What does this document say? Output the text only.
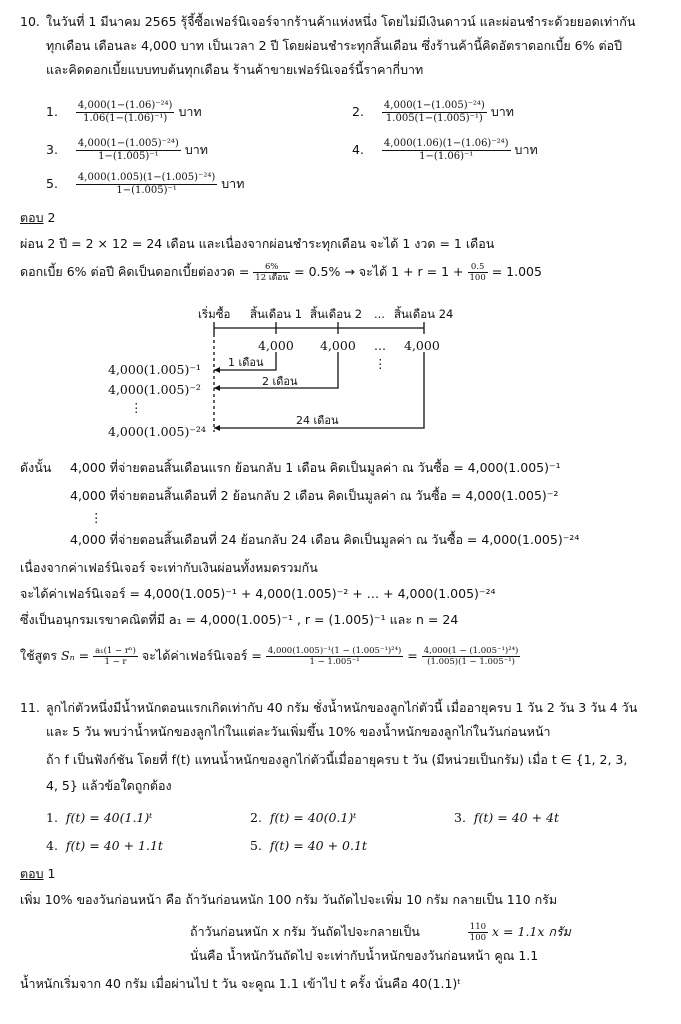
10. ในวันที่ 1 มีนาคม 2565 รุ้จี้ซื้อเฟอร์นิเจอร์จากร้านค้าแห่งหนึ่ง โดยไม่มีเงินดาวน์ และผ่อนชำระด้วยยอดเท่ากัน
ทุกเดือน เดือนละ 4,000 บาท เป็นเวลา 2 ปี โดยผ่อนชำระทุกสิ้นเดือน ซึ่งร้านค้านี้คิดอัตราดอกเบี้ย 6% ต่อปี
และคิดดอกเบี้ยแบบทบต้นทุกเดือน ร้านค้าขายเฟอร์นิเจอร์นี้ราคากี่บาท
1. $\frac{\text{4,000(1−(1.06)⁻²⁴)}}{\text{1.06(1−(1.06)⁻¹)}}$ บาท	2. $\frac{\text{4,000(1−(1.005)⁻²⁴)}}{\text{1.005(1−(1.005)⁻¹)}}$ บาท
3. $\frac{\text{4,000(1−(1.005)⁻²⁴)}}{\text{1−(1.005)⁻¹}}$ บาท	4. $\frac{\text{4,000(1.06)(1−(1.06)⁻²⁴)}}{\text{1−(1.06)⁻¹}}$ บาท
5. $\frac{\text{4,000(1.005)(1−(1.005)⁻²⁴)}}{\text{1−(1.005)⁻¹}}$ บาท
ตอบ 2
ผ่อน 2 ปี = 2 × 12 = 24 เดือน และเนื่องจากผ่อนชำระทุกเดือน จะได้ 1 งวด = 1 เดือน
ดอกเบี้ย 6% ต่อปี คิดเป็นดอกเบี้ยต่องวด = $\frac{6\%}{\text{12 เดือน}} = 0.5\%$ → จะได้ $1 + r = 1 + \frac{0.5}{100} = 1.005$
เริ่มซื้อ สิ้นเดือน 1 สิ้นเดือน 2 ... สิ้นเดือน 24
4,000 4,000 ... 4,000
⋮
4,000(1.005)⁻¹
4,000(1.005)⁻²
⋮
4,000(1.005)⁻²⁴
1 เดือน
2 เดือน
24 เดือน
ดังนั้น 4,000 ที่จ่ายตอนสิ้นเดือนแรก ย้อนกลับ 1 เดือน คิดเป็นมูลค่า ณ วันซื้อ = 4,000(1.005)⁻¹
4,000 ที่จ่ายตอนสิ้นเดือนที่ 2 ย้อนกลับ 2 เดือน คิดเป็นมูลค่า ณ วันซื้อ = 4,000(1.005)⁻²
⋮
4,000 ที่จ่ายตอนสิ้นเดือนที่ 24 ย้อนกลับ 24 เดือน คิดเป็นมูลค่า ณ วันซื้อ = 4,000(1.005)⁻²⁴
เนื่องจากค่าเฟอร์นิเจอร์ จะเท่ากับเงินผ่อนทั้งหมดรวมกัน
จะได้ค่าเฟอร์นิเจอร์ = 4,000(1.005)⁻¹ + 4,000(1.005)⁻² + … + 4,000(1.005)⁻²⁴
ซึ่งเป็นอนุกรมเรขาคณิตที่มี a₁ = 4,000(1.005)⁻¹ , r = (1.005)⁻¹ และ n = 24
ใช้สูตร $S_n = \frac{\text{a₁(1 − rⁿ)}}{1 - r}$ จะได้ค่าเฟอร์นิเจอร์ = $\frac{\text{4,000(1.005)⁻¹(1 − (1.005⁻¹)²⁴)}}{\text{1 − 1.005⁻¹}} = \frac{\text{4,000(1 − (1.005⁻¹)²⁴)}}{\text{(1.005)(1 − 1.005⁻¹)}}$
11. ลูกไก่ตัวหนึ่งมีน้ำหนักตอนแรกเกิดเท่ากับ 40 กรัม ชั่งน้ำหนักของลูกไก่ตัวนี้ เมื่ออายุครบ 1 วัน 2 วัน 3 วัน 4 วัน
และ 5 วัน พบว่าน้ำหนักของลูกไก่ในแต่ละวันเพิ่มขึ้น 10% ของน้ำหนักของลูกไก่ในวันก่อนหน้า
ถ้า f เป็นฟังก์ชัน โดยที่ f(t) แทนน้ำหนักของลูกไก่ตัวนี้เมื่ออายุครบ t วัน (มีหน่วยเป็นกรัม) เมื่อ t ∈ {1, 2, 3,
4, 5} แล้วข้อใดถูกต้อง
1. f(t) = 40(1.1)ᵗ	2. f(t) = 40(0.1)ᵗ	3. f(t) = 40 + 4t
4. f(t) = 40 + 1.1t	5. f(t) = 40 + 0.1t
ตอบ 1
เพิ่ม 10% ของวันก่อนหน้า คือ ถ้าวันก่อนหนัก 100 กรัม วันถัดไปจะเพิ่ม 10 กรัม กลายเป็น 110 กรัม
ถ้าวันก่อนหนัก x กรัม วันถัดไปจะกลายเป็น	$\frac{110}{100}$ x = 1.1x กรัม
นั่นคือ น้ำหนักวันถัดไป จะเท่ากับน้ำหนักของวันก่อนหน้า คูณ 1.1
น้ำหนักเริ่มจาก 40 กรัม เมื่อผ่านไป t วัน จะคูณ 1.1 เข้าไป t ครั้ง นั่นคือ 40(1.1)ᵗ
